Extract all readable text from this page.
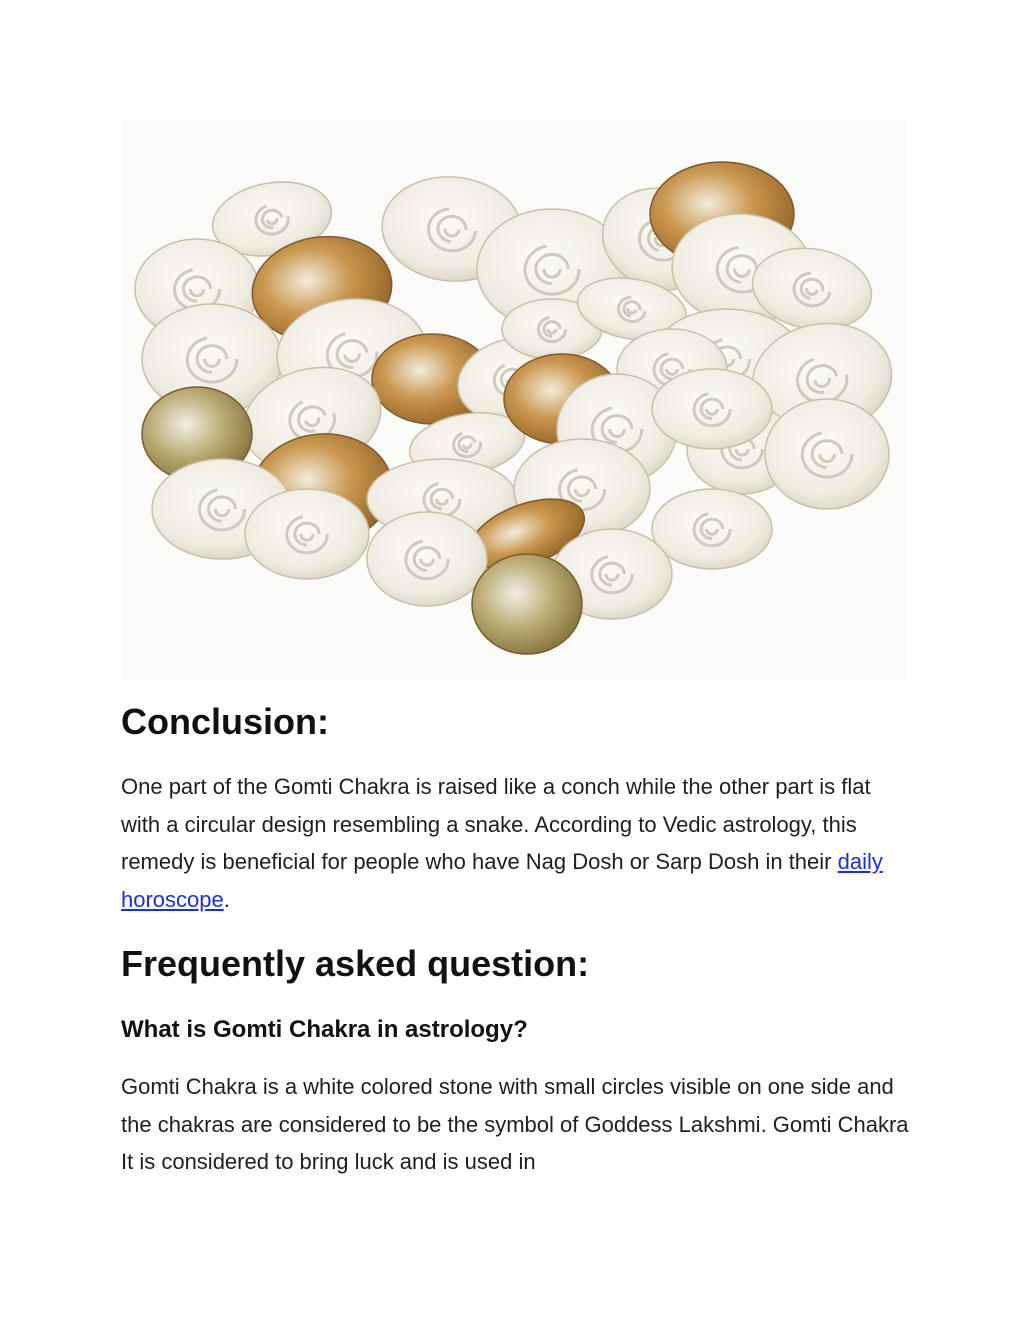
Conclusion:

One part of the Gomti Chakra is raised like a conch while the other part is flat with a circular design resembling a snake. According to Vedic astrology, this remedy is beneficial for people who have Nag Dosh or Sarp Dosh in their daily horoscope.

Frequently asked question:
What is Gomti Chakra in astrology?

Gomti Chakra is a white colored stone with small circles visible on one side and the chakras are considered to be the symbol of Goddess Lakshmi. Gomti Chakra It is considered to bring luck and is used in
